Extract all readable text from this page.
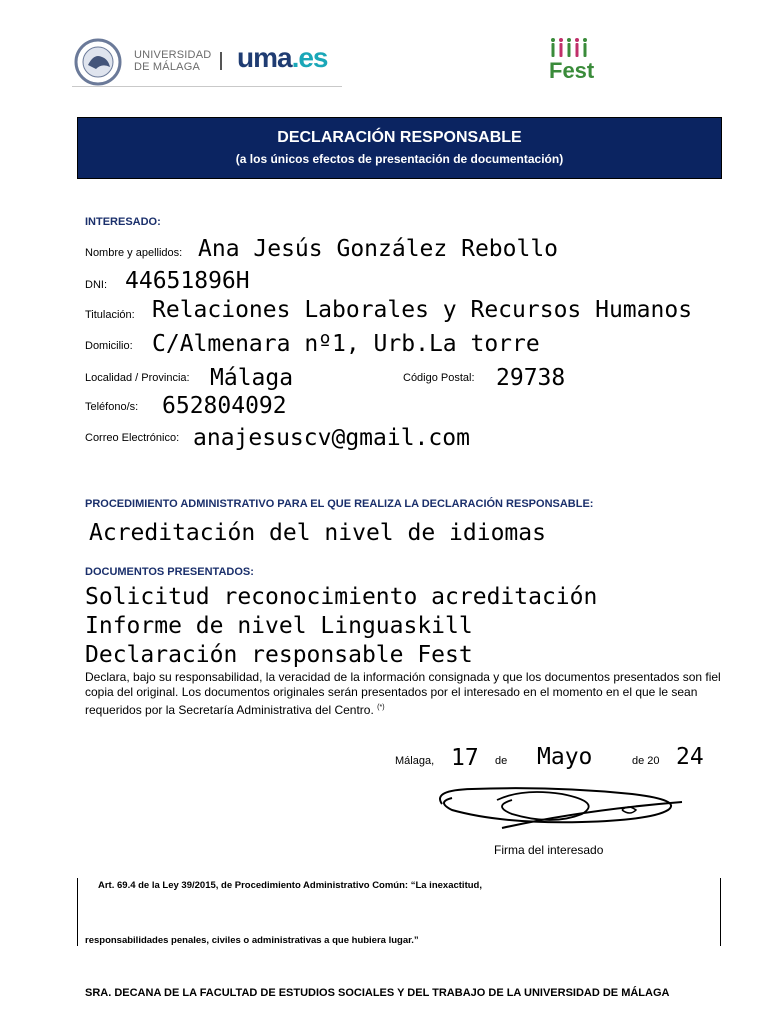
UNIVERSIDAD
DE MÁLAGA	uma.es	Fest
DECLARACIÓN RESPONSABLE
(a los únicos efectos de presentación de documentación)
INTERESADO:
Nombre y apellidos: Ana Jesús González Rebollo
DNI: 44651896H
Titulación: Relaciones Laborales y Recursos Humanos
Domicilio: C/Almenara nº1, Urb.La torre
Localidad / Provincia: Málaga	Código Postal: 29738
Teléfono/s: 652804092
Correo Electrónico: anajesuscv@gmail.com
PROCEDIMIENTO ADMINISTRATIVO PARA EL QUE REALIZA LA DECLARACIÓN RESPONSABLE:
Acreditación del nivel de idiomas
DOCUMENTOS PRESENTADOS:
Solicitud reconocimiento acreditación
Informe de nivel Linguaskill
Declaración responsable Fest
Declara, bajo su responsabilidad, la veracidad de la información consignada y que los documentos presentados son fiel copia del original. Los documentos originales serán presentados por el interesado en el momento en el que le sean requeridos por la Secretaría Administrativa del Centro. (*)
Málaga, 17 de Mayo	de 20 24
Firma del interesado
Art. 69.4 de la Ley 39/2015, de Procedimiento Administrativo Común: “La inexactitud,
responsabilidades penales, civiles o administrativas a que hubiera lugar.”
SRA. DECANA DE LA FACULTAD DE ESTUDIOS SOCIALES Y DEL TRABAJO DE LA UNIVERSIDAD DE MÁLAGA
